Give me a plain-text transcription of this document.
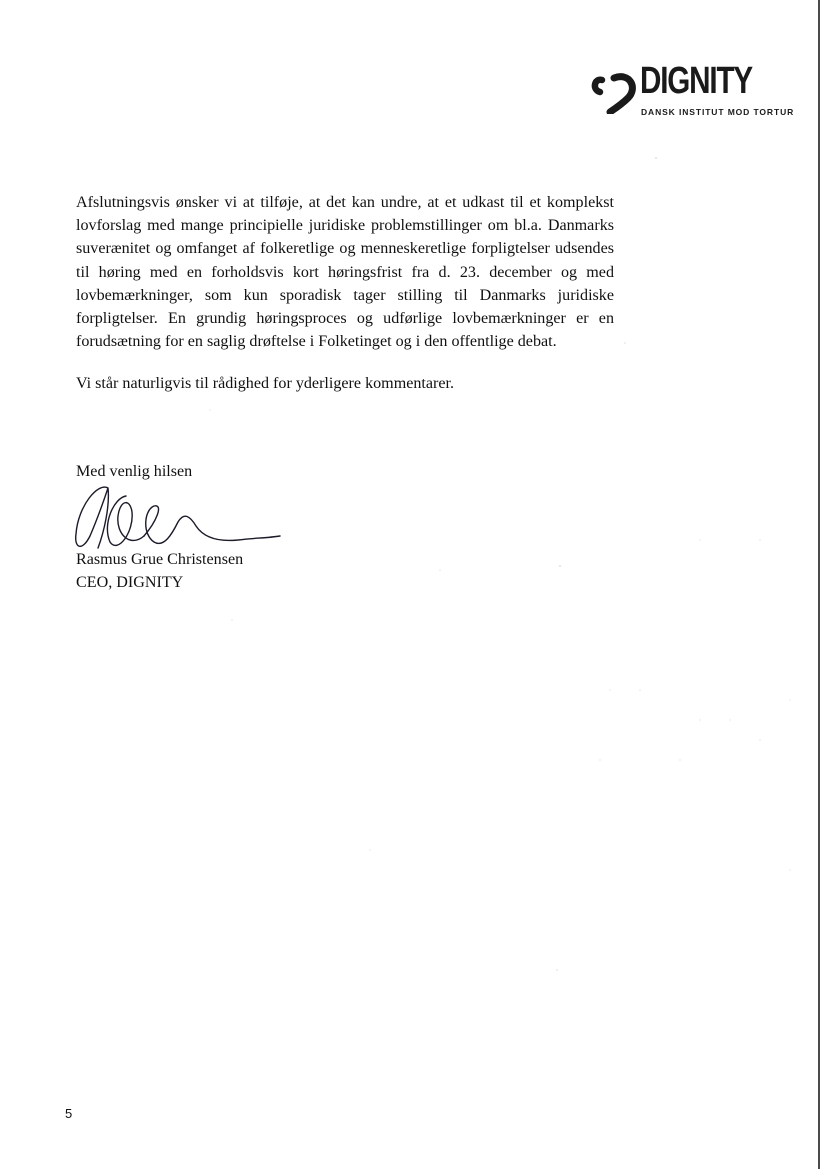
DIGNITY
DANSK INSTITUT MOD TORTUR

Afslutningsvis ønsker vi at tilføje, at det kan undre, at et udkast til et komplekst lovforslag med mange principielle juridiske problemstillinger om bl.a. Danmarks suverænitet og omfanget af folkeretlige og menneskeretlige forpligtelser udsendes til høring med en forholdsvis kort høringsfrist fra d. 23. december og med lovbemærkninger, som kun sporadisk tager stilling til Danmarks juridiske forpligtelser. En grundig høringsproces og udførlige lovbemærkninger er en forudsætning for en saglig drøftelse i Folketinget og i den offentlige debat.

Vi står naturligvis til rådighed for yderligere kommentarer.
Med venlig hilsen
Rasmus Grue Christensen
CEO, DIGNITY
5
